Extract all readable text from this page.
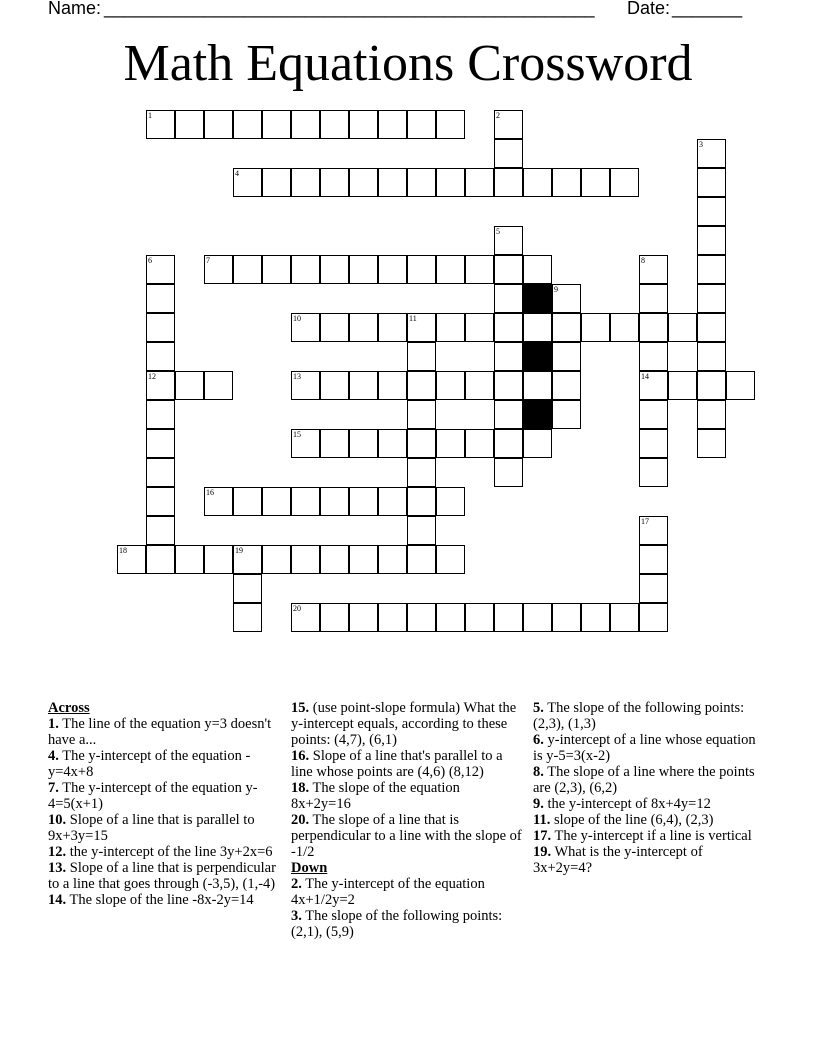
Name: _________________________________________________ Date: _______
Math Equations Crossword
1	2
3
4
5
6	7	8
9
10	11
12	13	14
15
16
17
18	19
20
Across
1. The line of the equation y=3 doesn't have a...
4. The y-intercept of the equation -y=4x+8
7. The y-intercept of the equation y-4=5(x+1)
10. Slope of a line that is parallel to 9x+3y=15
12. the y-intercept of the line 3y+2x=6
13. Slope of a line that is perpendicular to a line that goes through (-3,5), (1,-4)
14. The slope of the line -8x-2y=14
15. (use point-slope formula) What the y-intercept equals, according to these points: (4,7), (6,1)
16. Slope of a line that's parallel to a line whose points are (4,6) (8,12)
18. The slope of the equation 8x+2y=16
20. The slope of a line that is perpendicular to a line with the slope of -1/2
Down
2. The y-intercept of the equation 4x+1/2y=2
3. The slope of the following points: (2,1), (5,9)
5. The slope of the following points: (2,3), (1,3)
6. y-intercept of a line whose equation is y-5=3(x-2)
8. The slope of a line where the points are (2,3), (6,2)
9. the y-intercept of 8x+4y=12
11. slope of the line (6,4), (2,3)
17. The y-intercept if a line is vertical
19. What is the y-intercept of 3x+2y=4?
